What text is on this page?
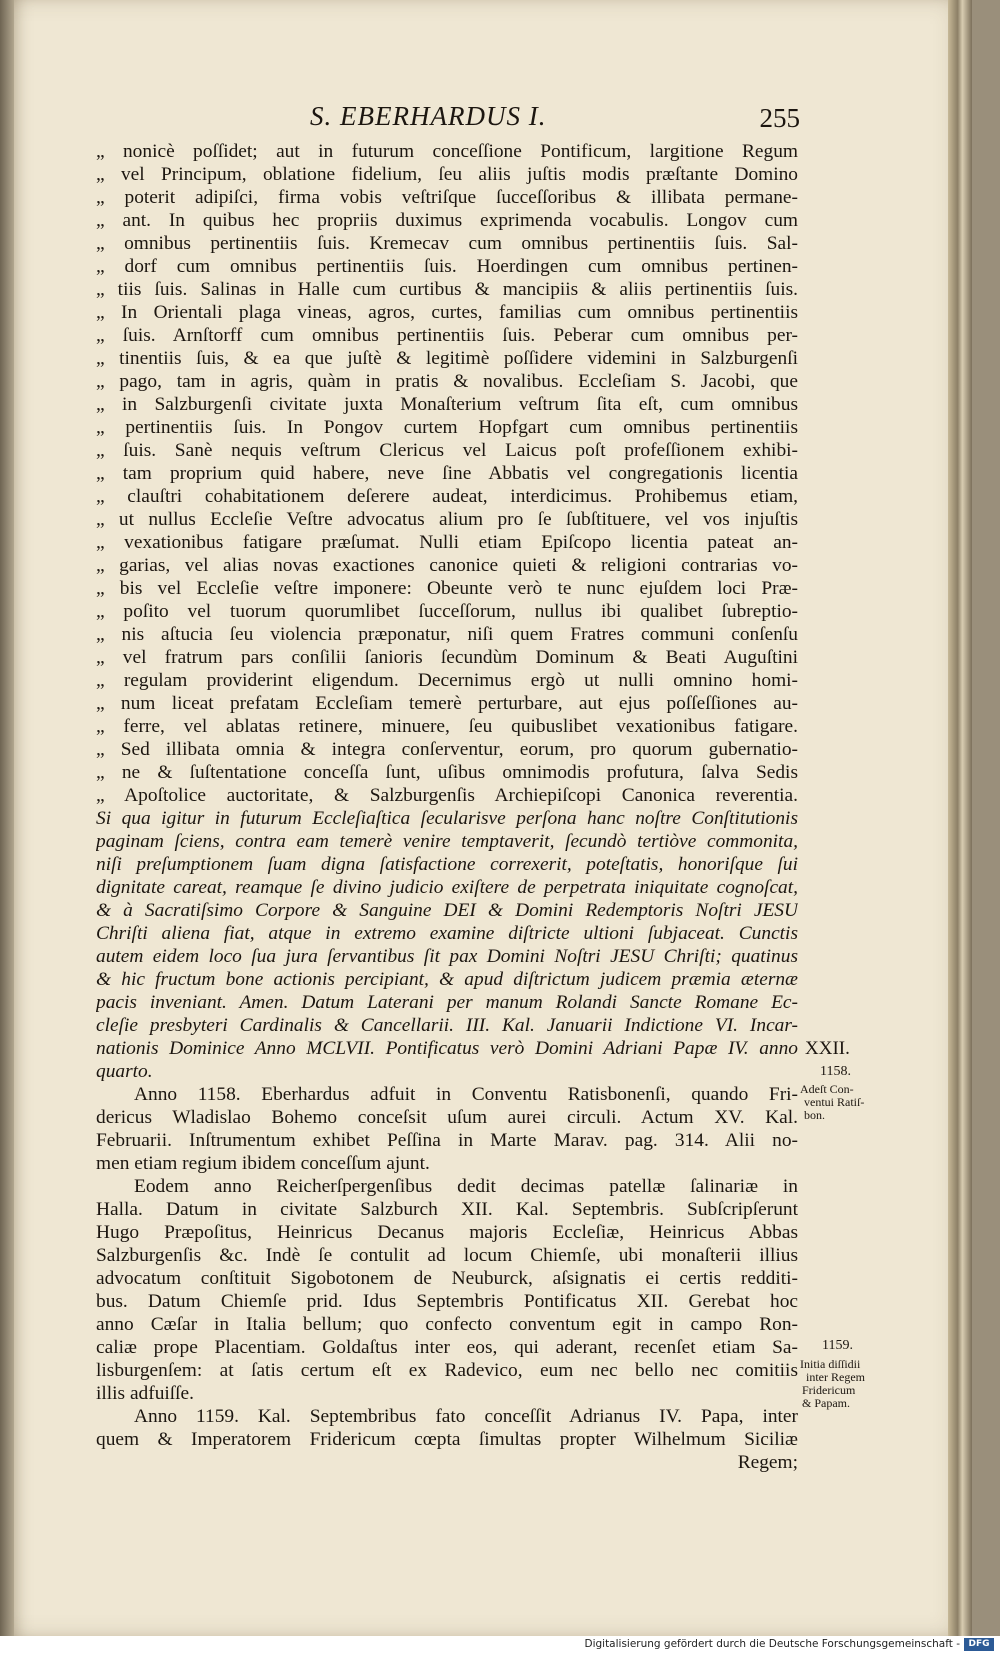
S. EBERHARDUS I.	255
„ nonicè poſſidet; aut in futurum conceſſione Pontificum, largitione Regum
„ vel Principum, oblatione fidelium, ſeu aliis juſtis modis præſtante Domino
„ poterit adipiſci, firma vobis veſtriſque ſucceſſoribus & illibata permane-
„ ant. In quibus hec propriis duximus exprimenda vocabulis. Longov cum
„ omnibus pertinentiis ſuis. Kremecav cum omnibus pertinentiis ſuis. Sal-
„ dorf cum omnibus pertinentiis ſuis. Hoerdingen cum omnibus pertinen-
„ tiis ſuis. Salinas in Halle cum curtibus & mancipiis & aliis pertinentiis ſuis.
„ In Orientali plaga vineas, agros, curtes, familias cum omnibus pertinentiis
„ ſuis. Arnſtorff cum omnibus pertinentiis ſuis. Peberar cum omnibus per-
„ tinentiis ſuis, & ea que juſtè & legitimè poſſidere videmini in Salzburgenſi
„ pago, tam in agris, quàm in pratis & novalibus. Eccleſiam S. Jacobi, que
„ in Salzburgenſi civitate juxta Monaſterium veſtrum ſita eſt, cum omnibus
„ pertinentiis ſuis. In Pongov curtem Hopfgart cum omnibus pertinentiis
„ ſuis. Sanè nequis veſtrum Clericus vel Laicus poſt profeſſionem exhibi-
„ tam proprium quid habere, neve ſine Abbatis vel congregationis licentia
„ clauſtri cohabitationem deſerere audeat, interdicimus. Prohibemus etiam,
„ ut nullus Eccleſie Veſtre advocatus alium pro ſe ſubſtituere, vel vos injuſtis
„ vexationibus fatigare præſumat. Nulli etiam Epiſcopo licentia pateat an-
„ garias, vel alias novas exactiones canonice quieti & religioni contrarias vo-
„ bis vel Eccleſie veſtre imponere: Obeunte verò te nunc ejuſdem loci Præ-
„ poſito vel tuorum quorumlibet ſucceſſorum, nullus ibi qualibet ſubreptio-
„ nis aſtucia ſeu violencia præponatur, niſi quem Fratres communi conſenſu
„ vel fratrum pars conſilii ſanioris ſecundùm Dominum & Beati Auguſtini
„ regulam providerint eligendum. Decernimus ergò ut nulli omnino homi-
„ num liceat prefatam Eccleſiam temerè perturbare, aut ejus poſſeſſiones au-
„ ferre, vel ablatas retinere, minuere, ſeu quibuslibet vexationibus fatigare.
„ Sed illibata omnia & integra conſerventur, eorum, pro quorum gubernatio-
„ ne & ſuſtentatione conceſſa ſunt, uſibus omnimodis profutura, ſalva Sedis
„ Apoſtolice auctoritate, & Salzburgenſis Archiepiſcopi Canonica reverentia.
Si qua igitur in futurum Eccleſiaſtica ſecularisve perſona hanc noſtre Conſtitutionis
paginam ſciens, contra eam temerè venire temptaverit, ſecundò tertiòve commonita,
niſi preſumptionem ſuam digna ſatisfactione correxerit, poteſtatis, honoriſque ſui
dignitate careat, reamque ſe divino judicio exiſtere de perpetrata iniquitate cognoſcat,
& à Sacratiſsimo Corpore & Sanguine DEI & Domini Redemptoris Noſtri JESU
Chriſti aliena fiat, atque in extremo examine diſtricte ultioni ſubjaceat. Cunctis
autem eidem loco ſua jura ſervantibus ſit pax Domini Noſtri JESU Chriſti; quatinus
& hic fructum bone actionis percipiant, & apud diſtrictum judicem præmia æternæ
pacis inveniant. Amen. Datum Laterani per manum Rolandi Sancte Romane Ec-
cleſie presbyteri Cardinalis & Cancellarii. III. Kal. Januarii Indictione VI. Incar-
nationis Dominice Anno MCLVII. Pontificatus verò Domini Adriani Papæ IV. anno
quarto.
Anno 1158. Eberhardus adfuit in Conventu Ratisbonenſi, quando Fri-
dericus Wladislao Bohemo conceſsit uſum aurei circuli. Actum XV. Kal.
Februarii. Inſtrumentum exhibet Peſſina in Marte Marav. pag. 314. Alii no-
men etiam regium ibidem conceſſum ajunt.
Eodem anno Reicherſpergenſibus dedit decimas patellæ ſalinariæ in
Halla. Datum in civitate Salzburch XII. Kal. Septembris. Subſcripſerunt
Hugo Præpoſitus, Heinricus Decanus majoris Eccleſiæ, Heinricus Abbas
Salzburgenſis &c. Indè ſe contulit ad locum Chiemſe, ubi monaſterii illius
advocatum conſtituit Sigobotonem de Neuburck, aſsignatis ei certis redditi-
bus. Datum Chiemſe prid. Idus Septembris Pontificatus XII. Gerebat hoc
anno Cæſar in Italia bellum; quo confecto conventum egit in campo Ron-
caliæ prope Placentiam. Goldaſtus inter eos, qui aderant, recenſet etiam Sa-
lisburgenſem: at ſatis certum eſt ex Radevico, eum nec bello nec comitiis
illis adfuiſſe.
Anno 1159. Kal. Septembribus fato conceſſit Adrianus IV. Papa, inter
quem & Imperatorem Fridericum cœpta ſimultas propter Wilhelmum Siciliæ
Regem;
XXII.
1158.
Adeſt Con-
ventui Ratiſ-
bon.
1159.
Initia diſſidii
inter Regem
Fridericum
& Papam.
Digitalisierung gefördert durch die Deutsche Forschungsgemeinschaft - DFG
